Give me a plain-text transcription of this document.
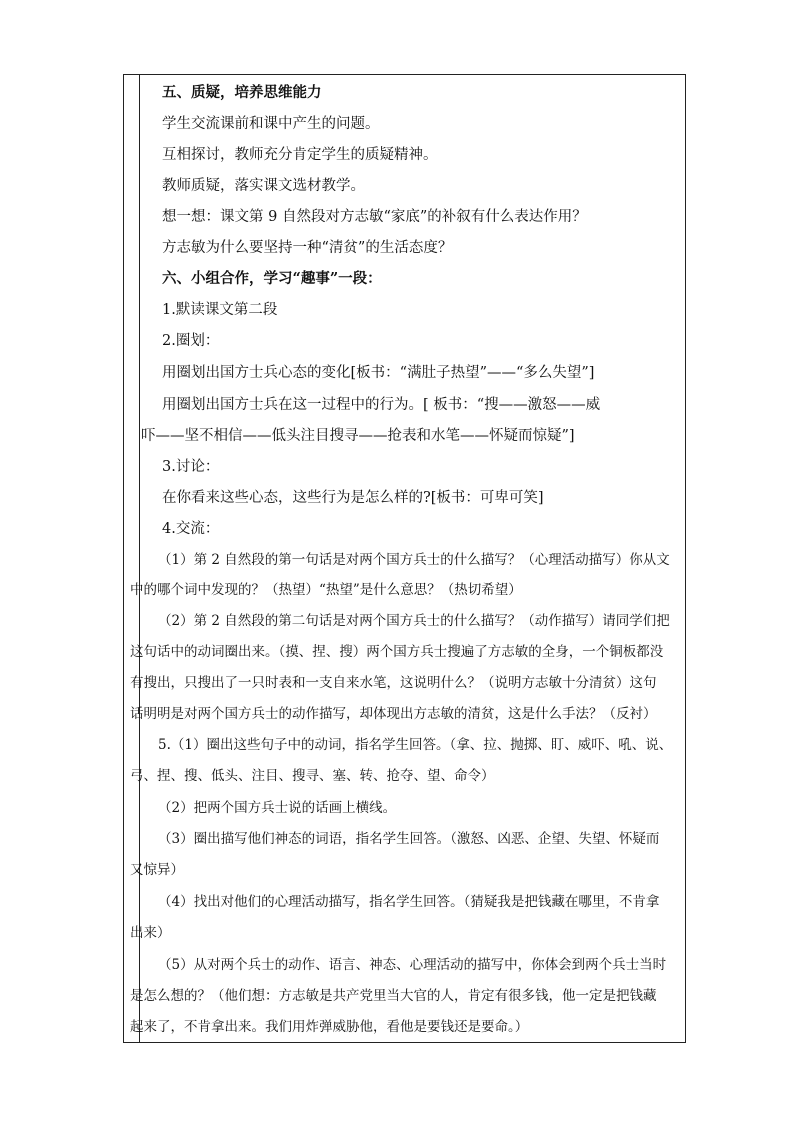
五、质疑，培养思维能力
学生交流课前和课中产生的问题。
互相探讨，教师充分肯定学生的质疑精神。
教师质疑，落实课文选材教学。
想一想：课文第 9 自然段对方志敏“家底”的补叙有什么表达作用？
方志敏为什么要坚持一种“清贫”的生活态度？
六、小组合作，学习“趣事”一段：
1.默读课文第二段
2.圈划：
用圈划出国方士兵心态的变化[板书：“满肚子热望”——“多么失望”]
用圈划出国方士兵在这一过程中的行为。[ 板书：“搜——激怒——威
吓——坚不相信——低头注目搜寻——抢表和水笔——怀疑而惊疑”]
3.讨论：
在你看来这些心态，这些行为是怎么样的?[板书：可卑可笑]
4.交流：
（1）第 2 自然段的第一句话是对两个国方兵士的什么描写？（心理活动描写）你从文
中的哪个词中发现的？（热望）“热望”是什么意思？（热切希望）
（2）第 2 自然段的第二句话是对两个国方兵士的什么描写？（动作描写）请同学们把
这句话中的动词圈出来。（摸、捏、搜）两个国方兵士搜遍了方志敏的全身，一个铜板都没
有搜出，只搜出了一只时表和一支自来水笔，这说明什么？（说明方志敏十分清贫）这句
话明明是对两个国方兵士的动作描写，却体现出方志敏的清贫，这是什么手法？（反衬）
5.（1）圈出这些句子中的动词，指名学生回答。（拿、拉、抛掷、盯、威吓、吼、说、
弓、捏、搜、低头、注目、搜寻、塞、转、抢夺、望、命令）
（2）把两个国方兵士说的话画上横线。
（3）圈出描写他们神态的词语，指名学生回答。（激怒、凶恶、企望、失望、怀疑而
又惊异）
（4）找出对他们的心理活动描写，指名学生回答。（猜疑我是把钱藏在哪里，不肯拿
出来）
（5）从对两个兵士的动作、语言、神态、心理活动的描写中，你体会到两个兵士当时
是怎么想的？（他们想：方志敏是共产党里当大官的人，肯定有很多钱，他一定是把钱藏
起来了，不肯拿出来。我们用炸弹威胁他，看他是要钱还是要命。）
